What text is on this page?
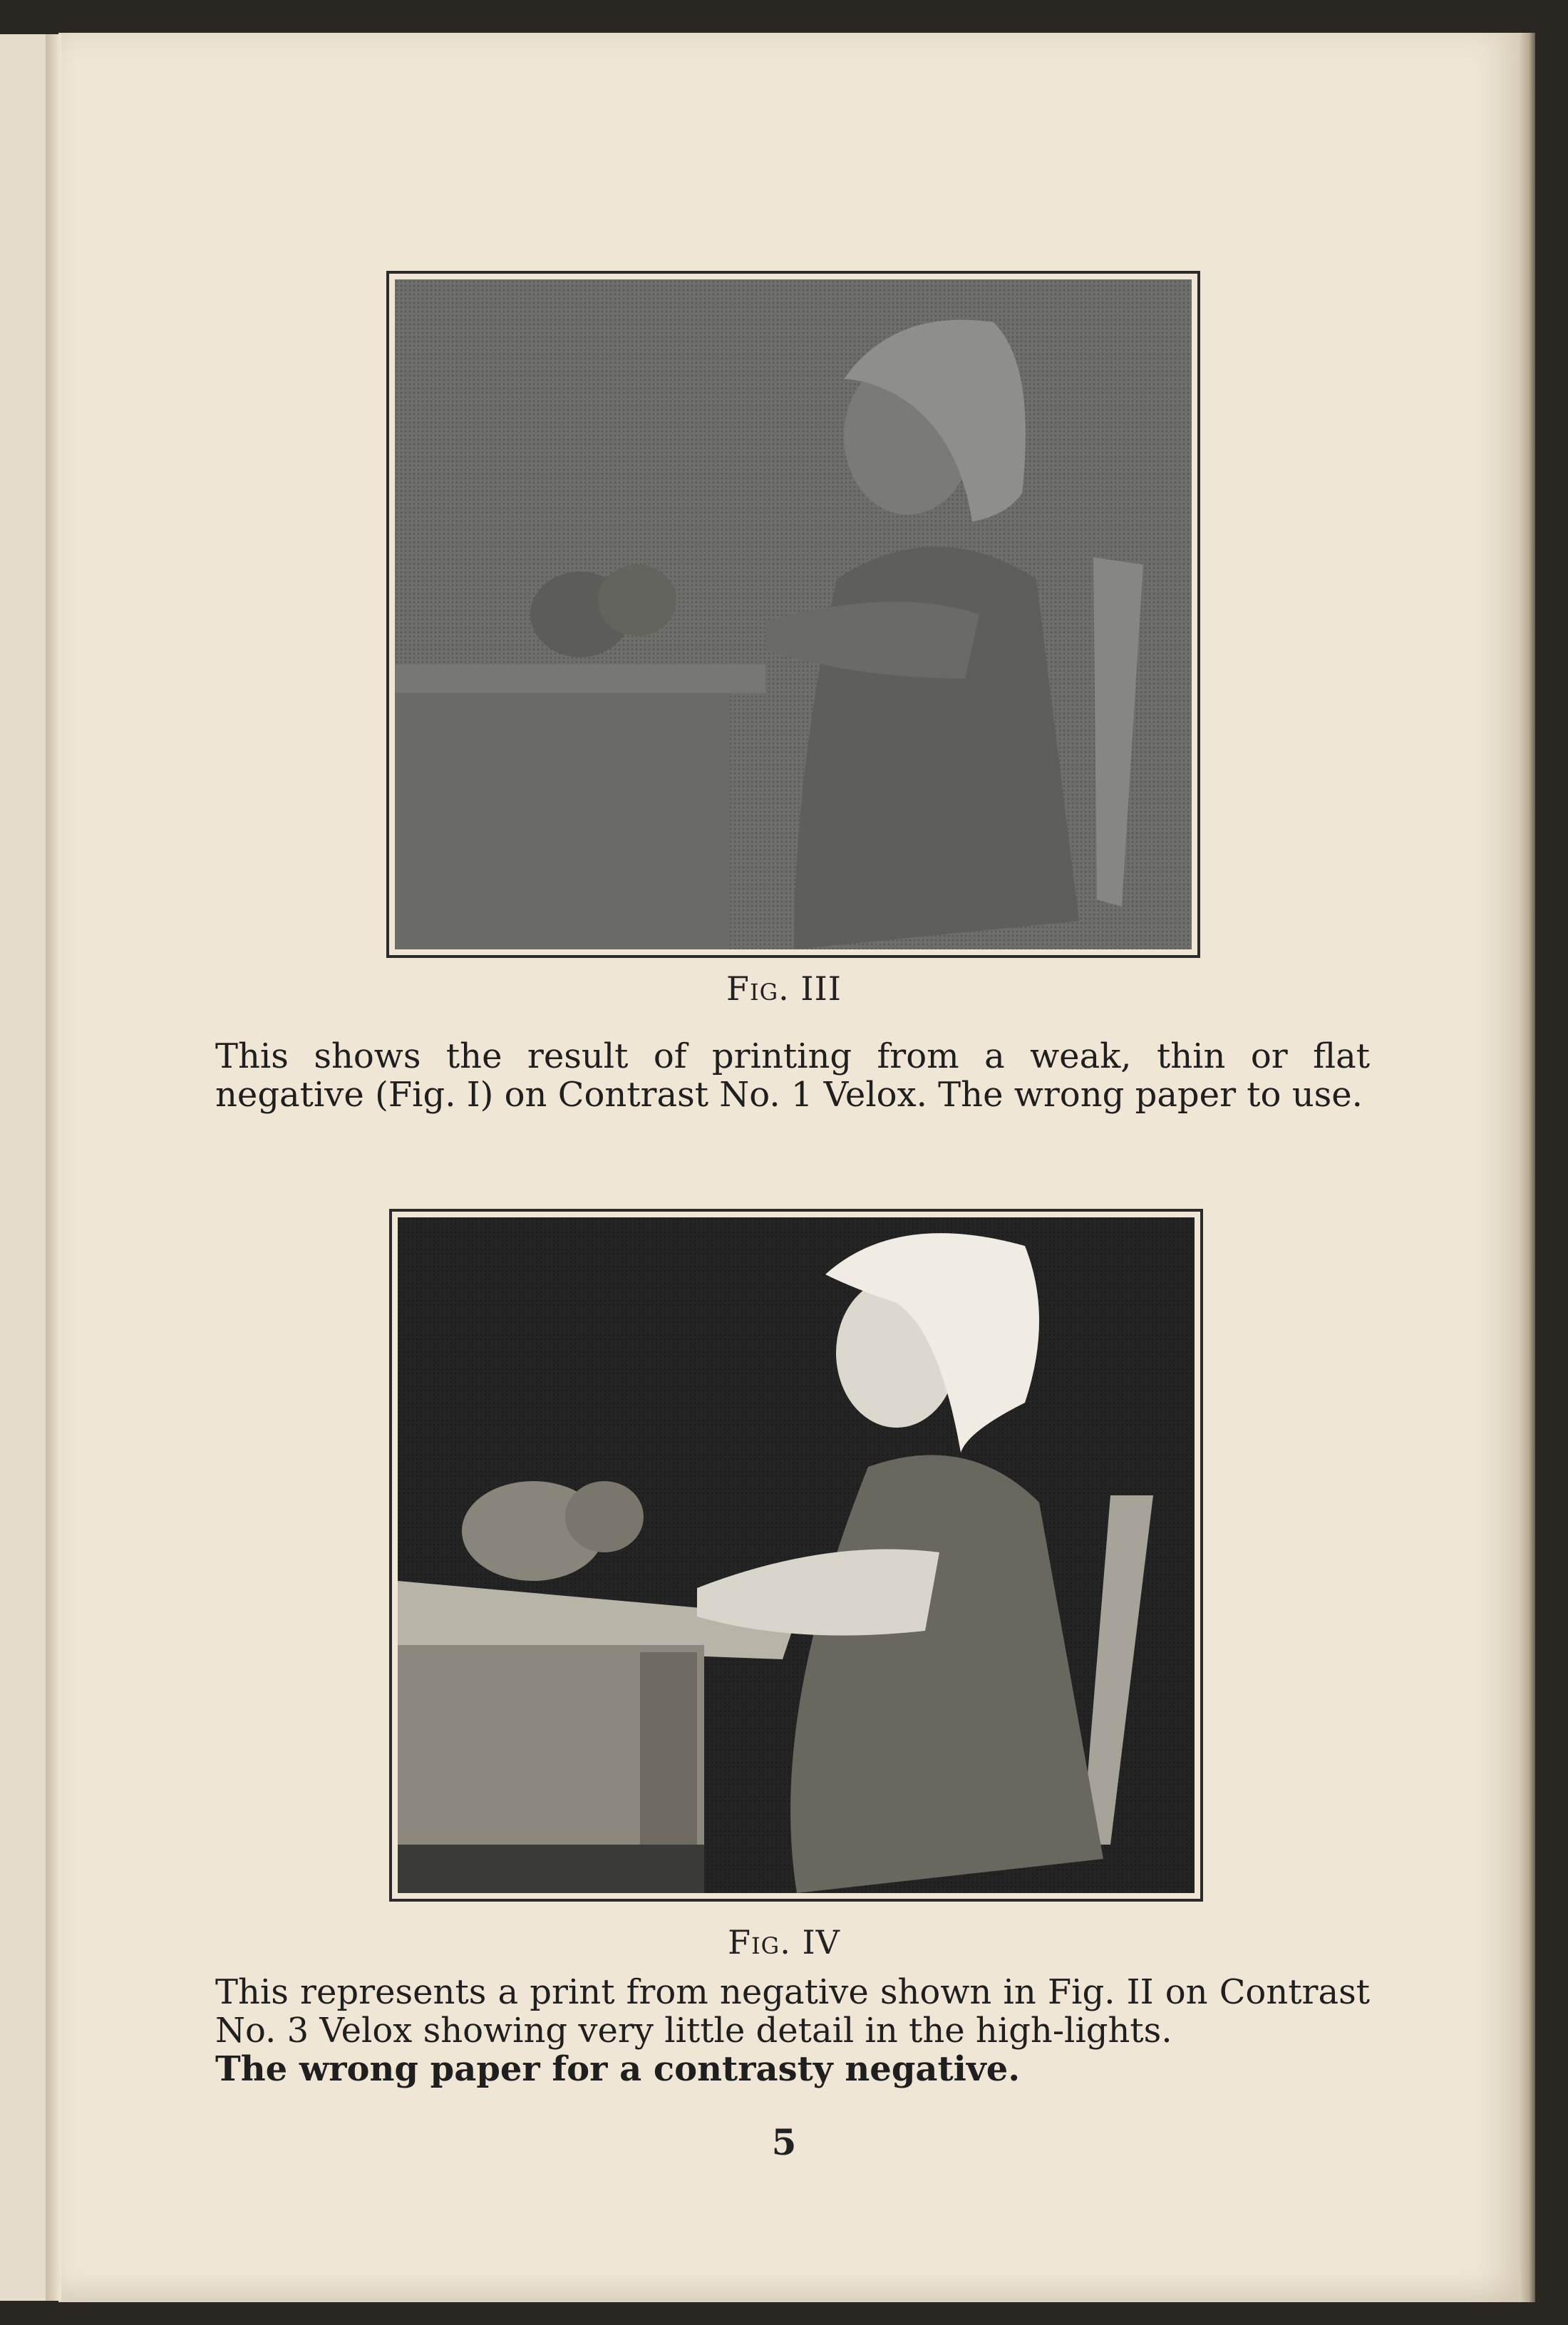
Fig. III
This shows the result of printing from a weak, thin or flat negative (Fig. I) on Contrast No. 1 Velox. The wrong paper to use.
Fig. IV
This represents a print from negative shown in Fig. II on Contrast No. 3 Velox showing very little detail in the high-lights.
The wrong paper for a contrasty negative.
5
